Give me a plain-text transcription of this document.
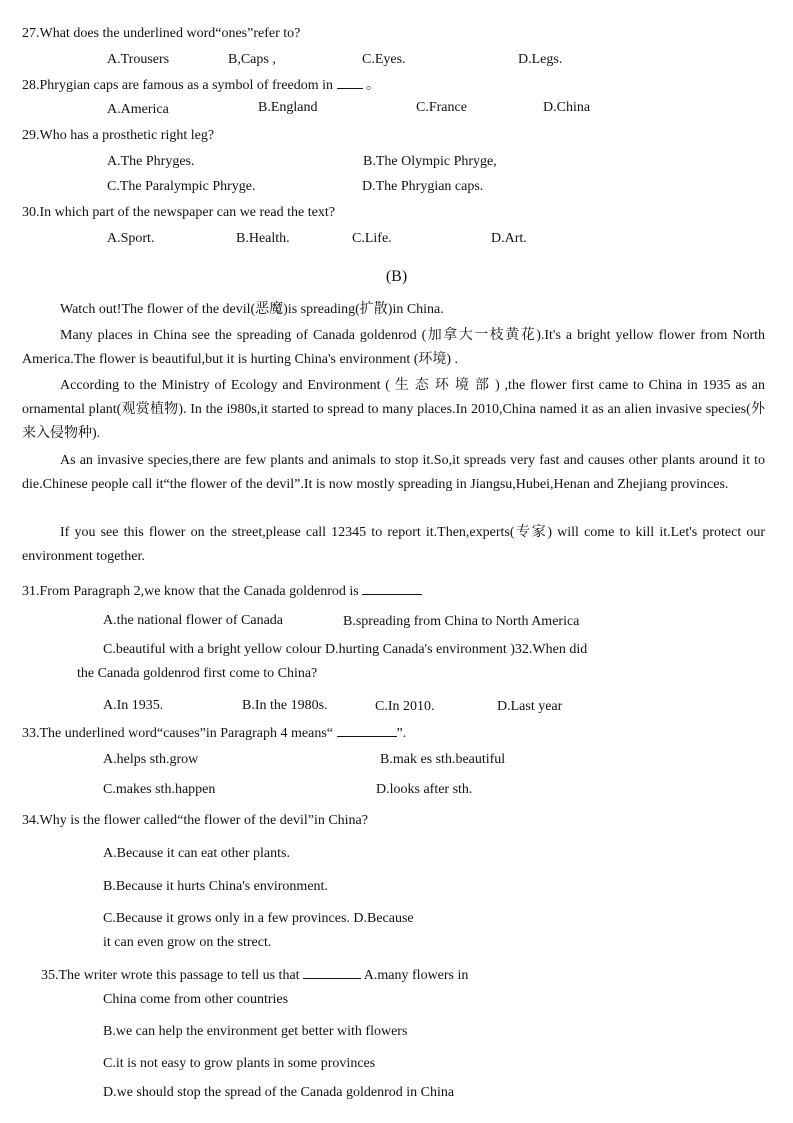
27.What does the underlined word“ones”refer to?
A.Trousers	B,Caps ,	C.Eyes.	D.Legs.
28.Phrygian caps are famous as a symbol of freedom in 。
A.America	B.England	C.France	D.China
29.Who has a prosthetic right leg?
A.The Phryges.	B.The Olympic Phryge,
C.The Paralympic Phryge.	D.The Phrygian caps.
30.In which part of the newspaper can we read the text?
A.Sport.	B.Health.	C.Life.	D.Art.
(B)
Watch out!The flower of the devil(恶魔)is spreading(扩散)in China.
Many places in China see the spreading of Canada goldenrod (加拿大一枝黄花).It's a bright yellow flower from North America.The flower is beautiful,but it is hurting China's environment (环境) .
According to the Ministry of Ecology and Environment ( 生 态 环 境 部 ) ,the flower first came to China in 1935 as an ornamental plant(观赏植物). In the i980s,it started to spread to many places.In 2010,China named it as an alien invasive species(外来入侵物种).
As an invasive species,there are few plants and animals to stop it.So,it spreads very fast and causes other plants around it to die.Chinese people call it“the flower of the devil”.It is now mostly spreading in Jiangsu,Hubei,Henan and Zhejiang provinces.
If you see this flower on the street,please call 12345 to report it.Then,experts(专家) will come to kill it.Let's protect our environment together.
31.From Paragraph 2,we know that the Canada goldenrod is
A.the national flower of Canada	B.spreading from China to North America
C.beautiful with a bright yellow colour D.hurting Canada's environment )32.When did
the Canada goldenrod first come to China?
A.In 1935.	B.In the 1980s.	C.In 2010.	D.Last year
33.The underlined word“causes”in Paragraph 4 means“	”.
A.helps sth.grow	B.mak es sth.beautiful
C.makes sth.happen	D.looks after sth.
34.Why is the flower called“the flower of the devil”in China?
A.Because it can eat other plants.
B.Because it hurts China's environment.
C.Because it grows only in a few provinces. D.Because
it can even grow on the strect.
35.The writer wrote this passage to tell us that	A.many flowers in
China come from other countries
B.we can help the environment get better with flowers
C.it is not easy to grow plants in some provinces
D.we should stop the spread of the Canada goldenrod in China
